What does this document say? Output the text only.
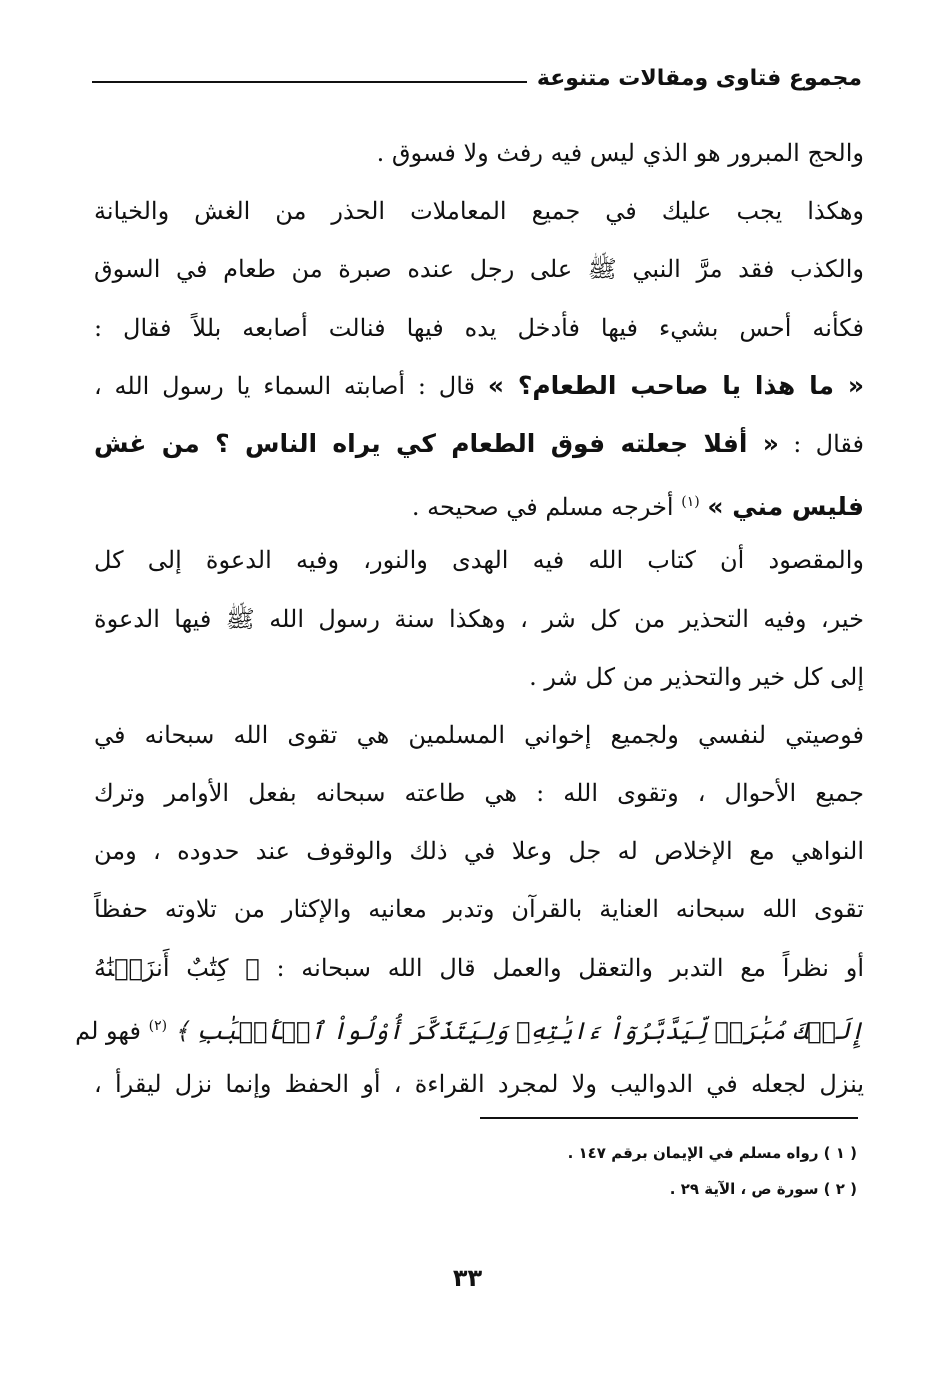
مجموع فتاوى ومقالات متنوعة
والحج المبرور هو الذي ليس فيه رفث ولا فسوق .
وهكذا يجب عليك في جميع المعاملات الحذر من الغش والخيانة
والكذب فقد مرَّ النبي ﷺ على رجل عنده صبرة من طعام في السوق
فكأنه أحس بشيء فيها فأدخل يده فيها فنالت أصابعه بللاً فقال :
« ما هذا يا صاحب الطعام؟ » قال : أصابته السماء يا رسول الله ،
فقال : « أفلا جعلته فوق الطعام كي يراه الناس ؟ من غش
فليس مني » $^{(١)}$ أخرجه مسلم في صحيحه .
والمقصود أن كتاب الله فيه الهدى والنور، وفيه الدعوة إلى كل
خير، وفيه التحذير من كل شر ، وهكذا سنة رسول الله ﷺ فيها الدعوة
إلى كل خير والتحذير من كل شر .
فوصيتي لنفسي ولجميع إخواني المسلمين هي تقوى الله سبحانه في
جميع الأحوال ، وتقوى الله : هي طاعته سبحانه بفعل الأوامر وترك
النواهي مع الإخلاص له جل وعلا في ذلك والوقوف عند حدوده ، ومن
تقوى الله سبحانه العناية بالقرآن وتدبر معانيه والإكثار من تلاوته حفظاً
أو نظراً مع التدبر والتعقل والعمل قال الله سبحانه : ﴿ كِتَٰبٌ أَنزَلۡنَٰهُ
إِلَيۡكَ مُبَٰرَكٞ لِّيَدَّبَّرُوٓاْ ءَايَٰتِهِۦ وَلِيَتَذَكَّرَ أُوْلُواْ ٱلۡأَلۡبَٰبِ ﴾ $^{(٢)}$ فهو لم
ينزل لجعله في الدواليب ولا لمجرد القراءة ، أو الحفظ وإنما نزل ليقرأ ،
( ١ ) رواه مسلم في الإيمان برقم ١٤٧ .
( ٢ ) سورة ص ، الآية ٢٩ .
٣٣
